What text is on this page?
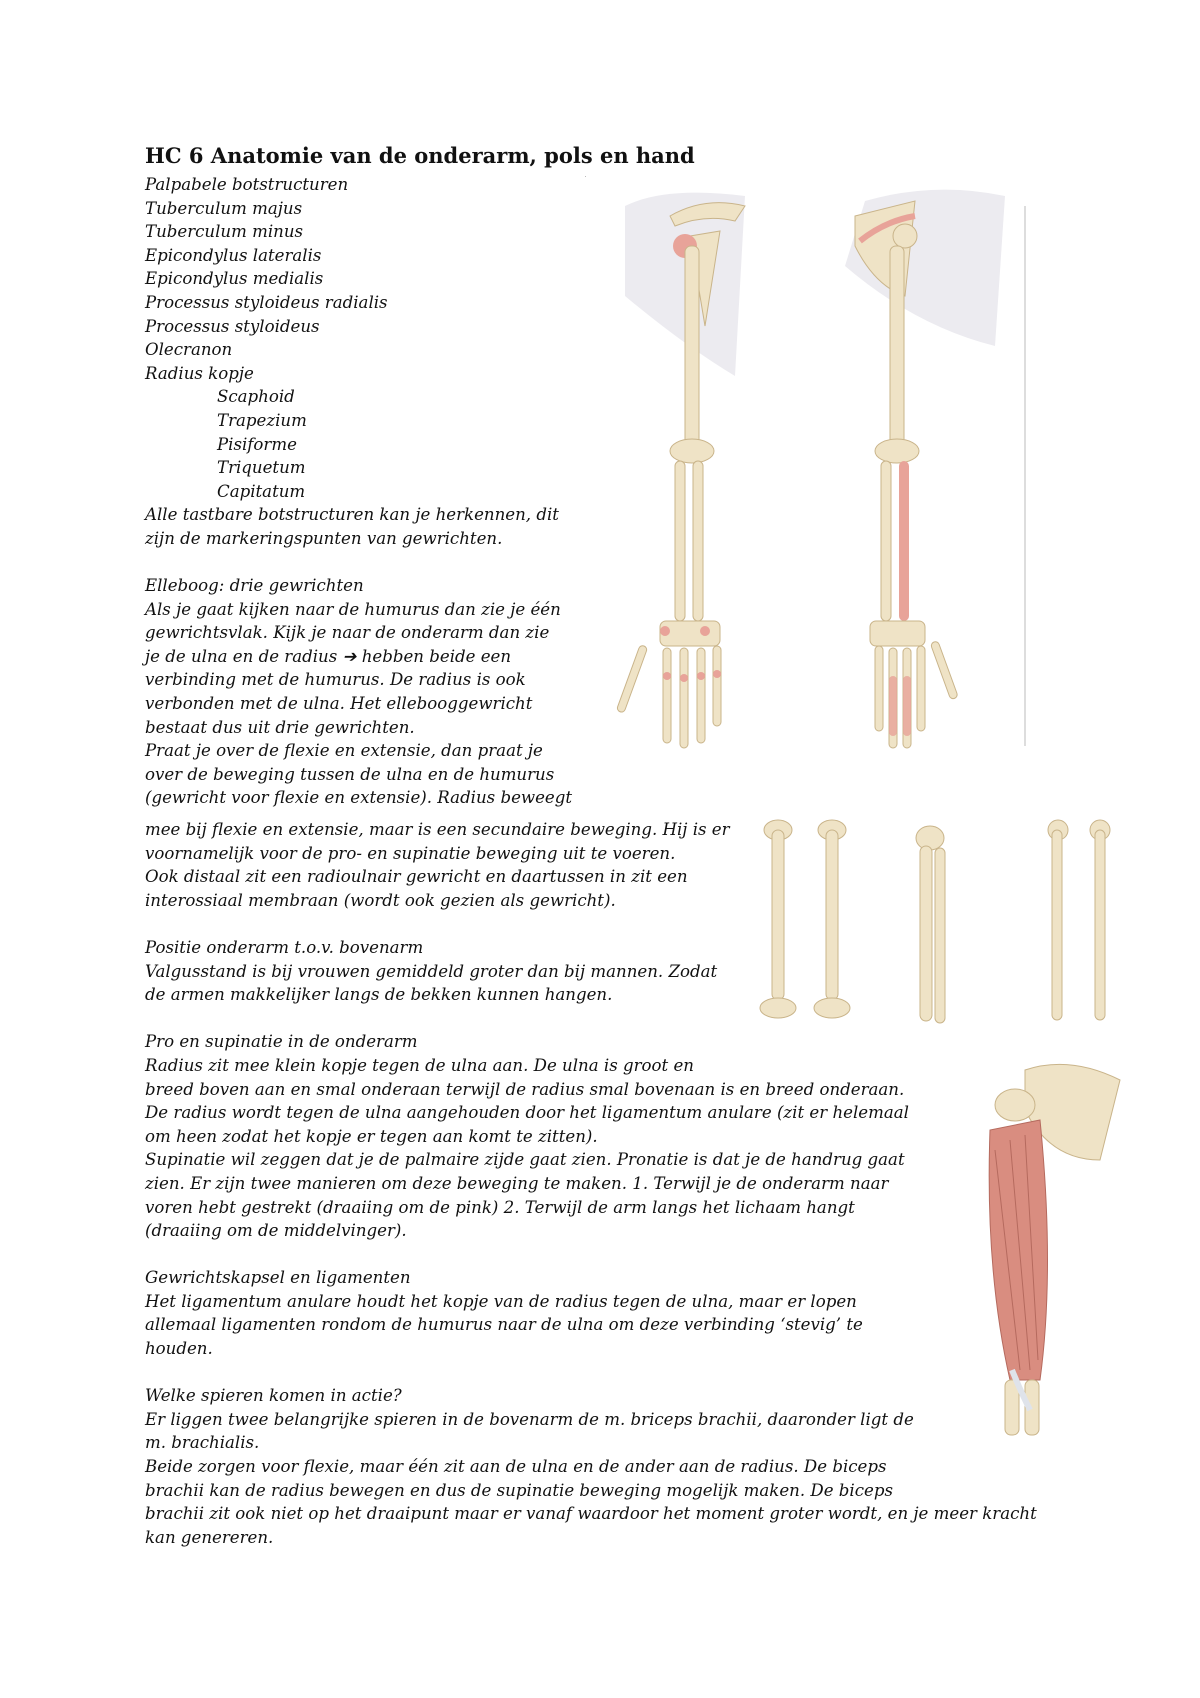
HC 6 Anatomie van de onderarm, pols en hand
Palpabele botstructuren
Tuberculum majus
Tuberculum minus
Epicondylus lateralis
Epicondylus medialis
Processus styloideus radialis
Processus styloideus
Olecranon
Radius kopje
Scaphoid
Trapezium
Pisiforme
Triquetum
Capitatum
Alle tastbare botstructuren kan je herkennen, dit
zijn de markeringspunten van gewrichten.
Elleboog: drie gewrichten
Als je gaat kijken naar de humurus dan zie je één
gewrichtsvlak. Kijk je naar de onderarm dan zie
je de ulna en de radius ➔ hebben beide een
verbinding met de humurus. De radius is ook
verbonden met de ulna. Het ellebooggewricht
bestaat dus uit drie gewrichten.
Praat je over de flexie en extensie, dan praat je
over de beweging tussen de ulna en de humurus
(gewricht voor flexie en extensie). Radius beweegt
mee bij flexie en extensie, maar is een secundaire beweging. Hij is er
voornamelijk voor de pro- en supinatie beweging uit te voeren.
Ook distaal zit een radioulnair gewricht en daartussen in zit een
interossiaal membraan (wordt ook gezien als gewricht).
Positie onderarm t.o.v. bovenarm
Valgusstand is bij vrouwen gemiddeld groter dan bij mannen. Zodat
de armen makkelijker langs de bekken kunnen hangen.
Pro en supinatie in de onderarm
Radius zit mee klein kopje tegen de ulna aan. De ulna is groot en
breed boven aan en smal onderaan terwijl de radius smal bovenaan is en breed onderaan.
De radius wordt tegen de ulna aangehouden door het ligamentum anulare (zit er helemaal
om heen zodat het kopje er tegen aan komt te zitten).
Supinatie wil zeggen dat je de palmaire zijde gaat zien. Pronatie is dat je de handrug gaat
zien. Er zijn twee manieren om deze beweging te maken. 1. Terwijl je de onderarm naar
voren hebt gestrekt (draaiing om de pink) 2. Terwijl de arm langs het lichaam hangt
(draaiing om de middelvinger).
Gewrichtskapsel en ligamenten
Het ligamentum anulare houdt het kopje van de radius tegen de ulna, maar er lopen
allemaal ligamenten rondom de humurus naar de ulna om deze verbinding ‘stevig’ te
houden.
Welke spieren komen in actie?
Er liggen twee belangrijke spieren in de bovenarm de m. briceps brachii, daaronder ligt de
m. brachialis.
Beide zorgen voor flexie, maar één zit aan de ulna en de ander aan de radius. De biceps
brachii kan de radius bewegen en dus de supinatie beweging mogelijk maken. De biceps
brachii zit ook niet op het draaipunt maar er vanaf waardoor het moment groter wordt, en je meer kracht
kan genereren.
